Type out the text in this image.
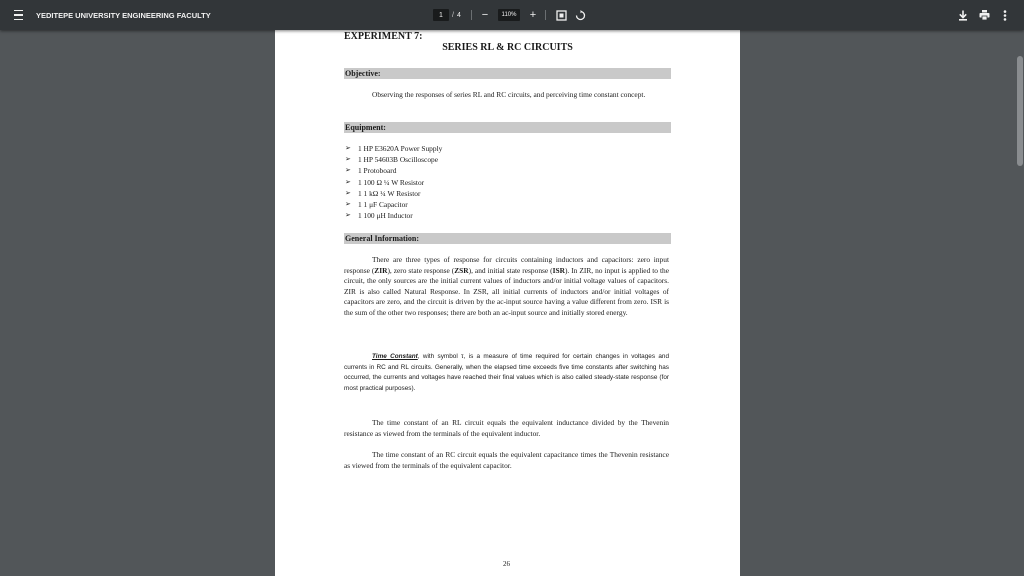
YEDITEPE UNIVERSITY ENGINEERING FACULTY	1	/ 4 −	110%	+
EXPERIMENT 7:
SERIES RL & RC CIRCUITS
Objective:
Observing the responses of series RL and RC circuits, and perceiving time constant concept.
Equipment:
➢ 1 HP E3620A Power Supply
➢ 1 HP 54603B Oscilloscope
➢ 1 Protoboard
➢ 1 100 Ω ¼ W Resistor
➢ 1 1 kΩ ¼ W Resistor
➢ 1 1 μF Capacitor
➢ 1 100 μH Inductor
General Information:
There are three types of response for circuits containing inductors and capacitors: zero input response (ZIR), zero state response (ZSR), and initial state response (ISR). In ZIR, no input is applied to the circuit, the only sources are the initial current values of inductors and/or initial voltage values of capacitors. ZIR is also called Natural Response. In ZSR, all initial currents of inductors and/or initial voltages of capacitors are zero, and the circuit is driven by the ac-input source having a value different from zero. ISR is the sum of the other two responses; there are both an ac-input source and initially stored energy.
Time Constant, with symbol τ, is a measure of time required for certain changes in voltages and currents in RC and RL circuits. Generally, when the elapsed time exceeds five time constants after switching has occurred, the currents and voltages have reached their final values which is also called steady-state response (for most practical purposes).
The time constant of an RL circuit equals the equivalent inductance divided by the Thevenin resistance as viewed from the terminals of the equivalent inductor.
The time constant of an RC circuit equals the equivalent capacitance times the Thevenin resistance as viewed from the terminals of the equivalent capacitor.
26
